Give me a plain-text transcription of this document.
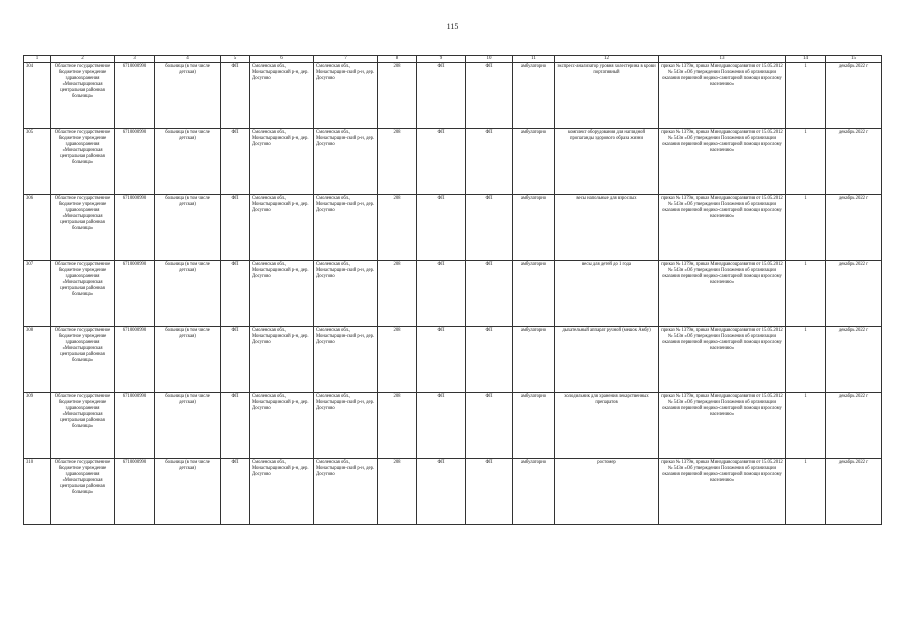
115
1	2	3	4	5	6	7	8	9	10	11	12	13	14	15
304	Областное государственное бюджетное учреждение здравоохранения «Монастырщинская центральная районная больница»	6710000990	больница (в том числе детская)	ФП	Смоленская обл., Монастырщинский р-н, дер. Досугово	Смоленская обл., Монастырщин-ский р-н, дер. Досугово	208	ФП	ФП	амбулаторно	экспресс-анализатор уровня холестерина в крови портативный	приказ № 1379н, приказ Минздравсоцразвития от 15.05.2012 № 543н «Об утверждении Положения об организации оказания первичной медико-санитарной помощи взрослому населению»	1	декабрь 2022 г
305	Областное государственное бюджетное учреждение здравоохранения «Монастырщинская центральная районная больница»	6710000990	больница (в том числе детская)	ФП	Смоленская обл., Монастырщинский р-н, дер. Досугово	Смоленская обл., Монастырщин-ский р-н, дер. Досугово	208	ФП	ФП	амбулаторно	комплект оборудования для наглядной пропаганды здорового образа жизни	приказ № 1379н, приказ Минздравсоцразвития от 15.05.2012 № 543н «Об утверждении Положения об организации оказания первичной медико-санитарной помощи взрослому населению»	1	декабрь 2022 г
306	Областное государственное бюджетное учреждение здравоохранения «Монастырщинская центральная районная больница»	6710000990	больница (в том числе детская)	ФП	Смоленская обл., Монастырщинский р-н, дер. Досугово	Смоленская обл., Монастырщин-ский р-н, дер. Досугово	208	ФП	ФП	амбулаторно	весы напольные для взрослых	приказ № 1379н, приказ Минздравсоцразвития от 15.05.2012 № 543н «Об утверждении Положения об организации оказания первичной медико-санитарной помощи взрослому населению»	1	декабрь 2022 г
307	Областное государственное бюджетное учреждение здравоохранения «Монастырщинская центральная районная больница»	6710000990	больница (в том числе детская)	ФП	Смоленская обл., Монастырщинский р-н, дер. Досугово	Смоленская обл., Монастырщин-ский р-н, дер. Досугово	208	ФП	ФП	амбулаторно	весы для детей до 1 года	приказ № 1379н, приказ Минздравсоцразвития от 15.05.2012 № 543н «Об утверждении Положения об организации оказания первичной медико-санитарной помощи взрослому населению»	1	декабрь 2022 г
308	Областное государственное бюджетное учреждение здравоохранения «Монастырщинская центральная районная больница»	6710000990	больница (в том числе детская)	ФП	Смоленская обл., Монастырщинский р-н, дер. Досугово	Смоленская обл., Монастырщин-ский р-н, дер. Досугово	208	ФП	ФП	амбулаторно	дыхательный аппарат ручной (мешок Амбу)	приказ № 1379н, приказ Минздравсоцразвития от 15.05.2012 № 543н «Об утверждении Положения об организации оказания первичной медико-санитарной помощи взрослому населению»	1	декабрь 2022 г
309	Областное государственное бюджетное учреждение здравоохранения «Монастырщинская центральная районная больница»	6710000990	больница (в том числе детская)	ФП	Смоленская обл., Монастырщинский р-н, дер. Досугово	Смоленская обл., Монастырщин-ский р-н, дер. Досугово	208	ФП	ФП	амбулаторно	холодильник для хранения лекарственных препаратов	приказ № 1379н, приказ Минздравсоцразвития от 15.05.2012 № 543н «Об утверждении Положения об организации оказания первичной медико-санитарной помощи взрослому населению»	1	декабрь 2022 г
310	Областное государственное бюджетное учреждение здравоохранения «Монастырщинская центральная районная больница»	6710000990	больница (в том числе детская)	ФП	Смоленская обл., Монастырщинский р-н, дер. Досугово	Смоленская обл., Монастырщин-ский р-н, дер. Досугово	208	ФП	ФП	амбулаторно	ростомер	приказ № 1379н, приказ Минздравсоцразвития от 15.05.2012 № 543н «Об утверждении Положения об организации оказания первичной медико-санитарной помощи взрослому населению»	1	декабрь 2022 г
